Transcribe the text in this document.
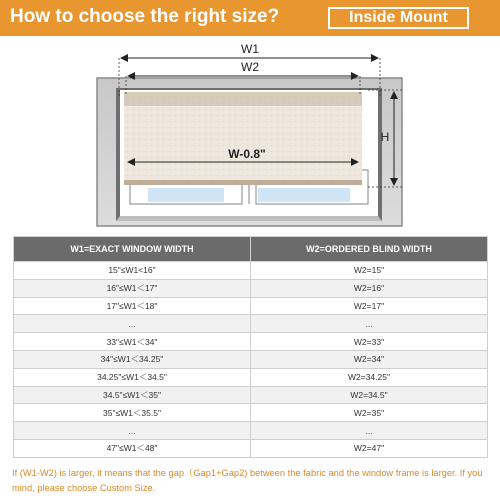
How to choose the right size?	Inside Mount
W1
W2
W-0.8"
H
W1=EXACT WINDOW WIDTH	W2=ORDERED BLIND WIDTH
15"≤W1<16"	W2=15"
16"≤W1＜17"	W2=16"
17"≤W1＜18"	W2=17"
...	...
33"≤W1＜34"	W2=33"
34"≤W1＜34.25"	W2=34"
34.25"≤W1＜34.5"	W2=34.25"
34.5"≤W1＜35"	W2=34.5"
35"≤W1＜35.5"	W2=35"
...	...
47"≤W1＜48"	W2=47"
If (W1-W2) is larger, it means that the gap（Gap1+Gap2) between the fabric and the window frame is larger. If you mind, please choose Custom Size.
